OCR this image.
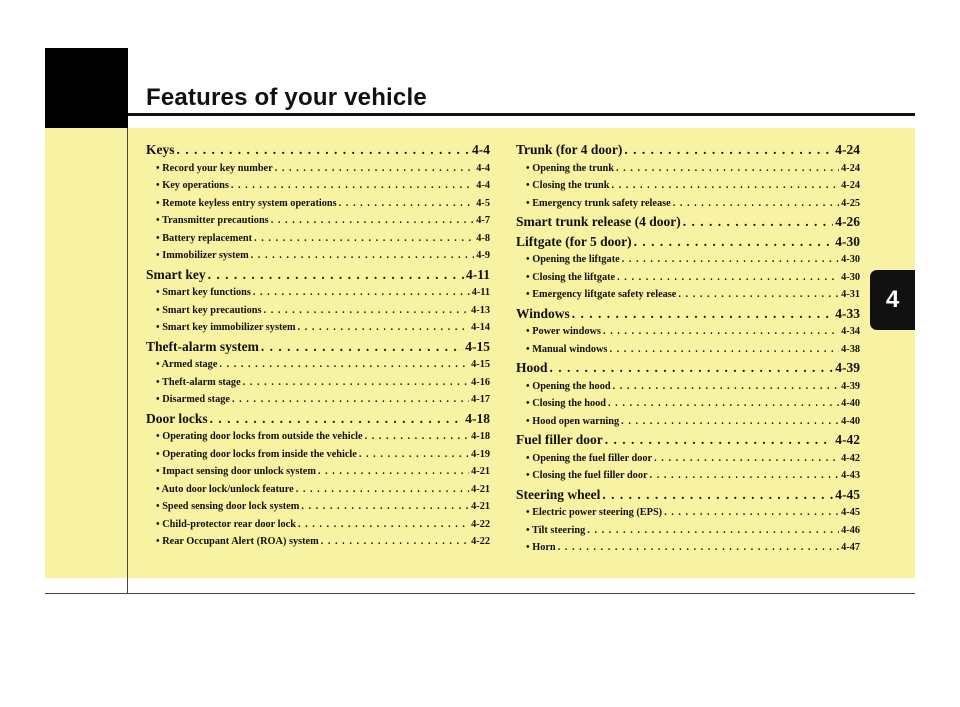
Features of your vehicle
4
Keys . . .	4-4
• Record your key number . . .	4-4
• Key operations . . .	4-4
• Remote keyless entry system operations . . .	4-5
• Transmitter precautions . . .	4-7
• Battery replacement . . .	4-8
• Immobilizer system . . .	4-9
Smart key . . .	4-11
• Smart key functions . . .	4-11
• Smart key precautions . . .	4-13
• Smart key immobilizer system . . .	4-14
Theft-alarm system . . .	4-15
• Armed stage . . .	4-15
• Theft-alarm stage . . .	4-16
• Disarmed stage . . .	4-17
Door locks . . .	4-18
• Operating door locks from outside the vehicle . . .	4-18
• Operating door locks from inside the vehicle . . .	4-19
• Impact sensing door unlock system . . .	4-21
• Auto door lock/unlock feature . . .	4-21
• Speed sensing door lock system . . .	4-21
• Child-protector rear door lock . . .	4-22
• Rear Occupant Alert (ROA) system . . .	4-22
Trunk (for 4 door) . . .	4-24
• Opening the trunk . . .	4-24
• Closing the trunk . . .	4-24
• Emergency trunk safety release . . .	4-25
Smart trunk release (4 door) . . .	4-26
Liftgate (for 5 door) . . .	4-30
• Opening the liftgate . . .	4-30
• Closing the liftgate . . .	4-30
• Emergency liftgate safety release . . .	4-31
Windows . . .	4-33
• Power windows . . .	4-34
• Manual windows . . .	4-38
Hood . . .	4-39
• Opening the hood . . .	4-39
• Closing the hood . . .	4-40
• Hood open warning . . .	4-40
Fuel filler door . . .	4-42
• Opening the fuel filler door . . .	4-42
• Closing the fuel filler door . . .	4-43
Steering wheel . . .	4-45
• Electric power steering (EPS) . . .	4-45
• Tilt steering . . .	4-46
• Horn . . .	4-47
